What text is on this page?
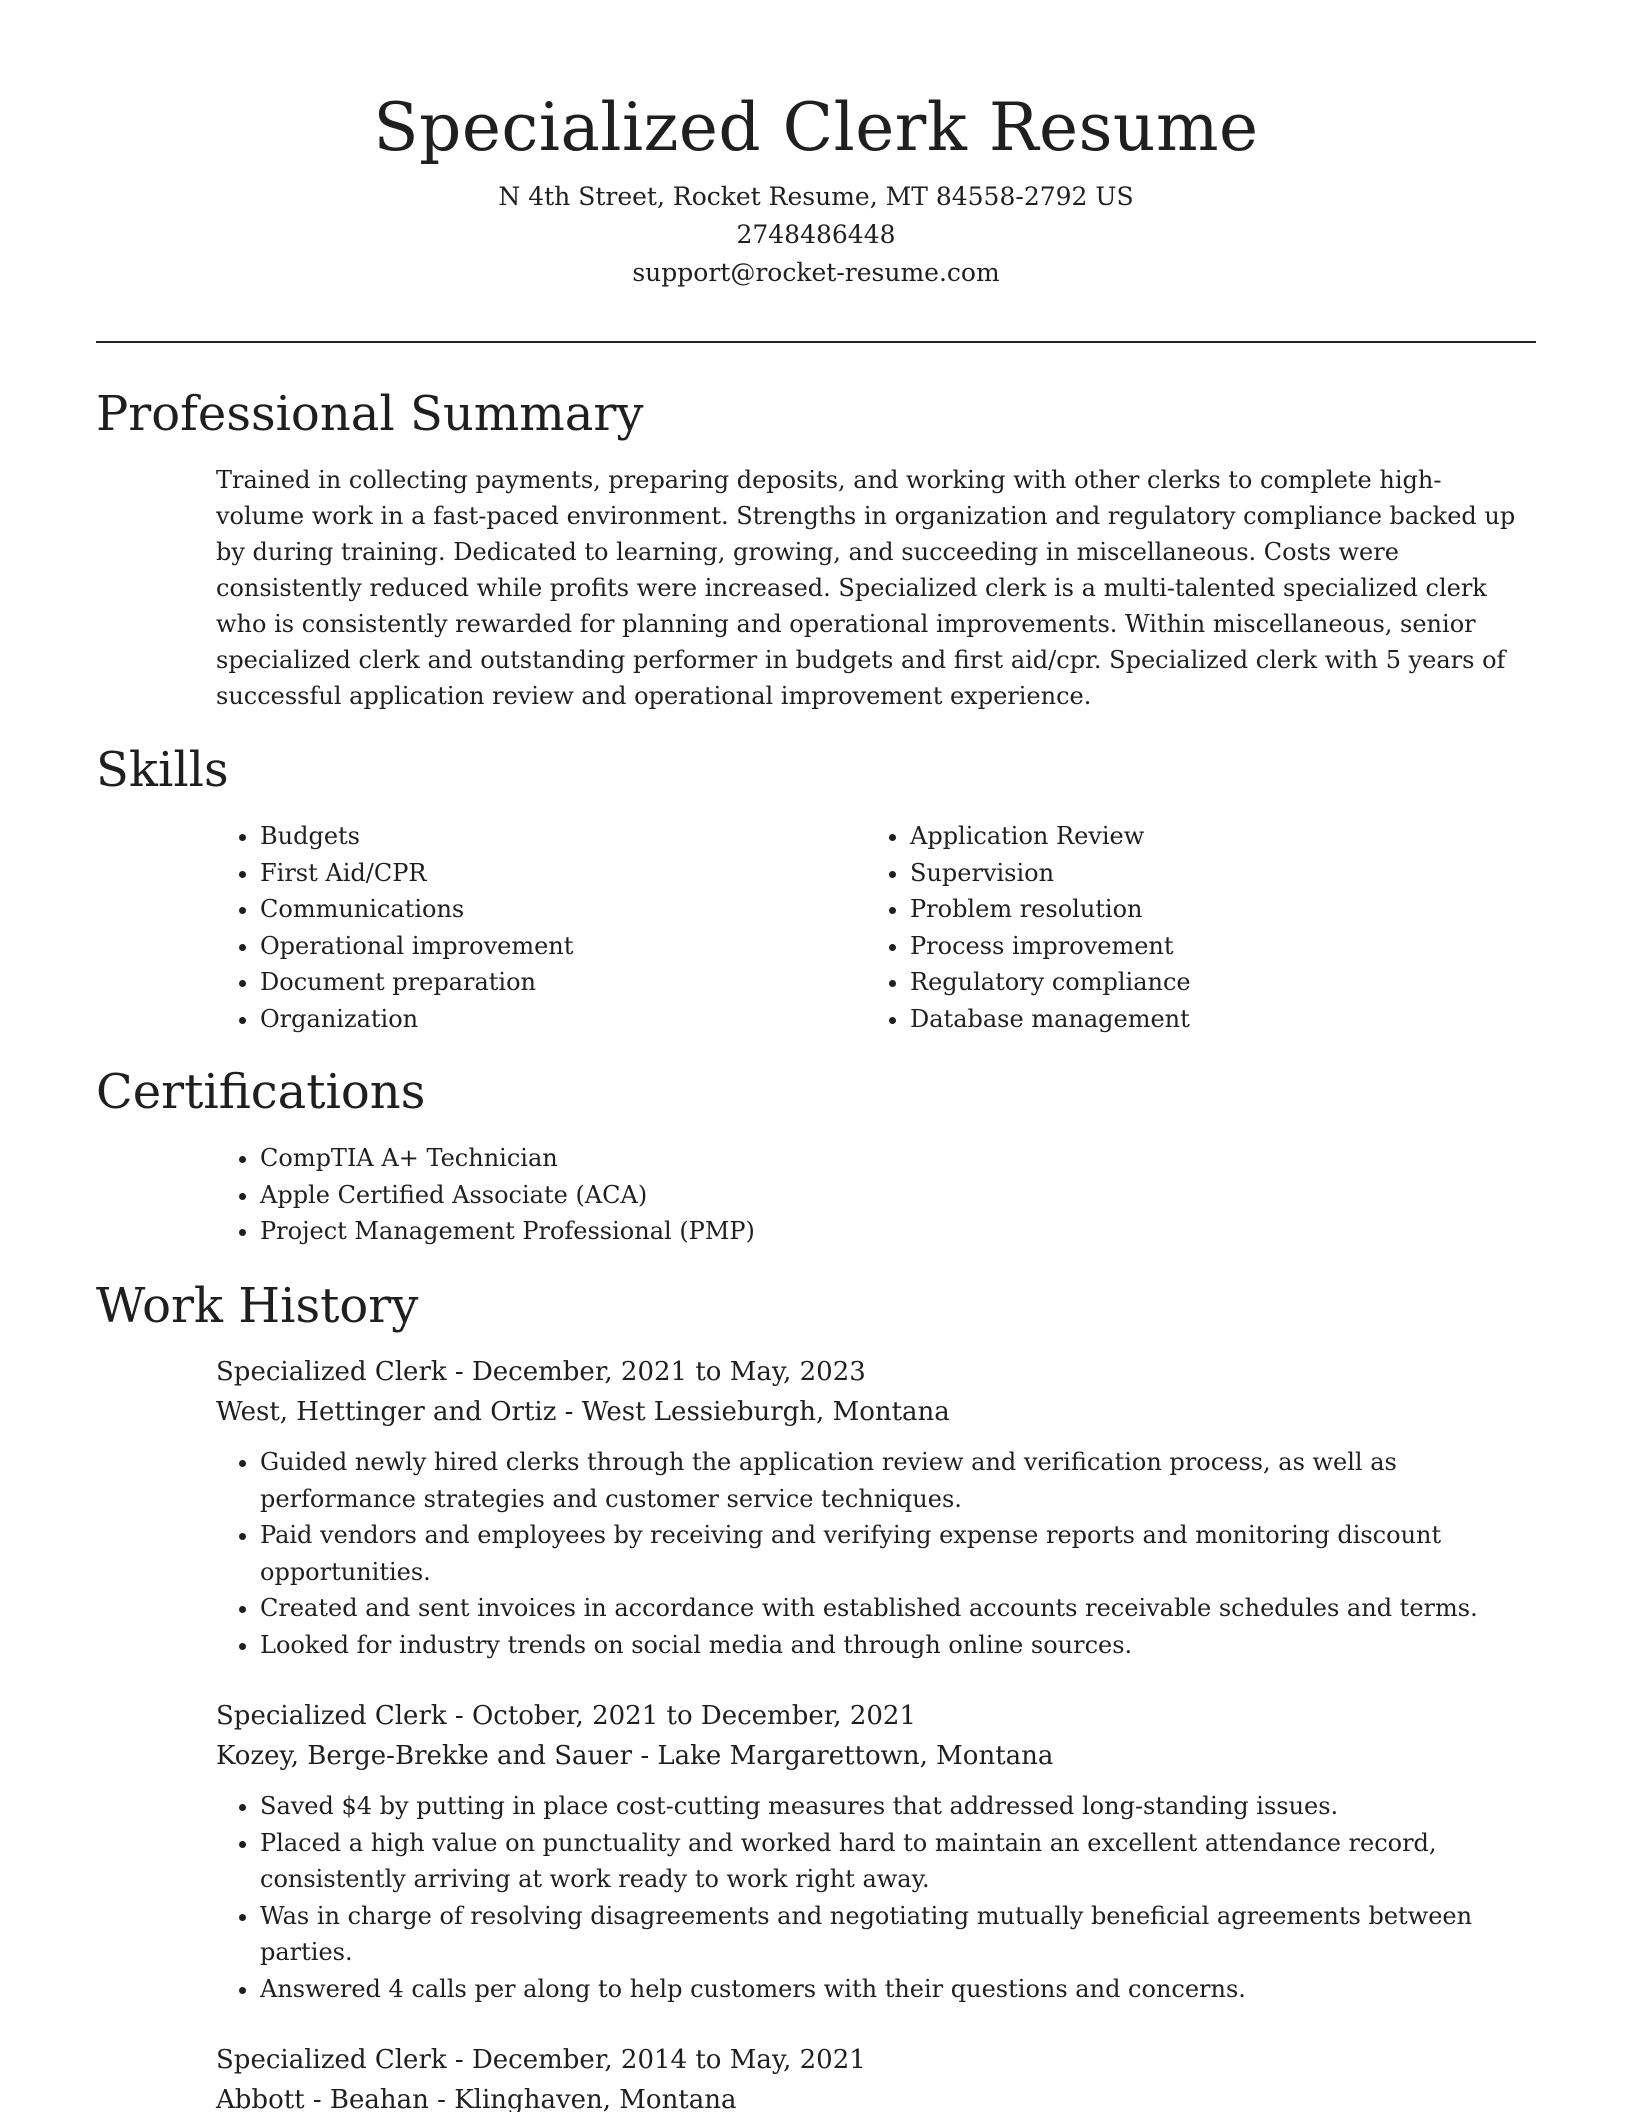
Specialized Clerk Resume
N 4th Street, Rocket Resume, MT 84558-2792 US
2748486448
support@rocket-resume.com
Professional Summary

Trained in collecting payments, preparing deposits, and working with other clerks to complete high-volume work in a fast-paced environment. Strengths in organization and regulatory compliance backed up by during training. Dedicated to learning, growing, and succeeding in miscellaneous. Costs were consistently reduced while profits were increased. Specialized clerk is a multi-talented specialized clerk who is consistently rewarded for planning and operational improvements. Within miscellaneous, senior specialized clerk and outstanding performer in budgets and first aid/cpr. Specialized clerk with 5 years of successful application review and operational improvement experience.

Skills
• Budgets
• First Aid/CPR
• Communications
• Operational improvement
• Document preparation
• Organization
• Application Review
• Supervision
• Problem resolution
• Process improvement
• Regulatory compliance
• Database management
Certifications
• CompTIA A+ Technician
• Apple Certified Associate (ACA)
• Project Management Professional (PMP)
Work History
Specialized Clerk - December, 2021 to May, 2023
West, Hettinger and Ortiz - West Lessieburgh, Montana
• Guided newly hired clerks through the application review and verification process, as well as performance strategies and customer service techniques.
• Paid vendors and employees by receiving and verifying expense reports and monitoring discount opportunities.
• Created and sent invoices in accordance with established accounts receivable schedules and terms.
• Looked for industry trends on social media and through online sources.
Specialized Clerk - October, 2021 to December, 2021
Kozey, Berge-Brekke and Sauer - Lake Margarettown, Montana
• Saved $4 by putting in place cost-cutting measures that addressed long-standing issues.
• Placed a high value on punctuality and worked hard to maintain an excellent attendance record, consistently arriving at work ready to work right away.
• Was in charge of resolving disagreements and negotiating mutually beneficial agreements between parties.
• Answered 4 calls per along to help customers with their questions and concerns.
Specialized Clerk - December, 2014 to May, 2021
Abbott - Beahan - Klinghaven, Montana
